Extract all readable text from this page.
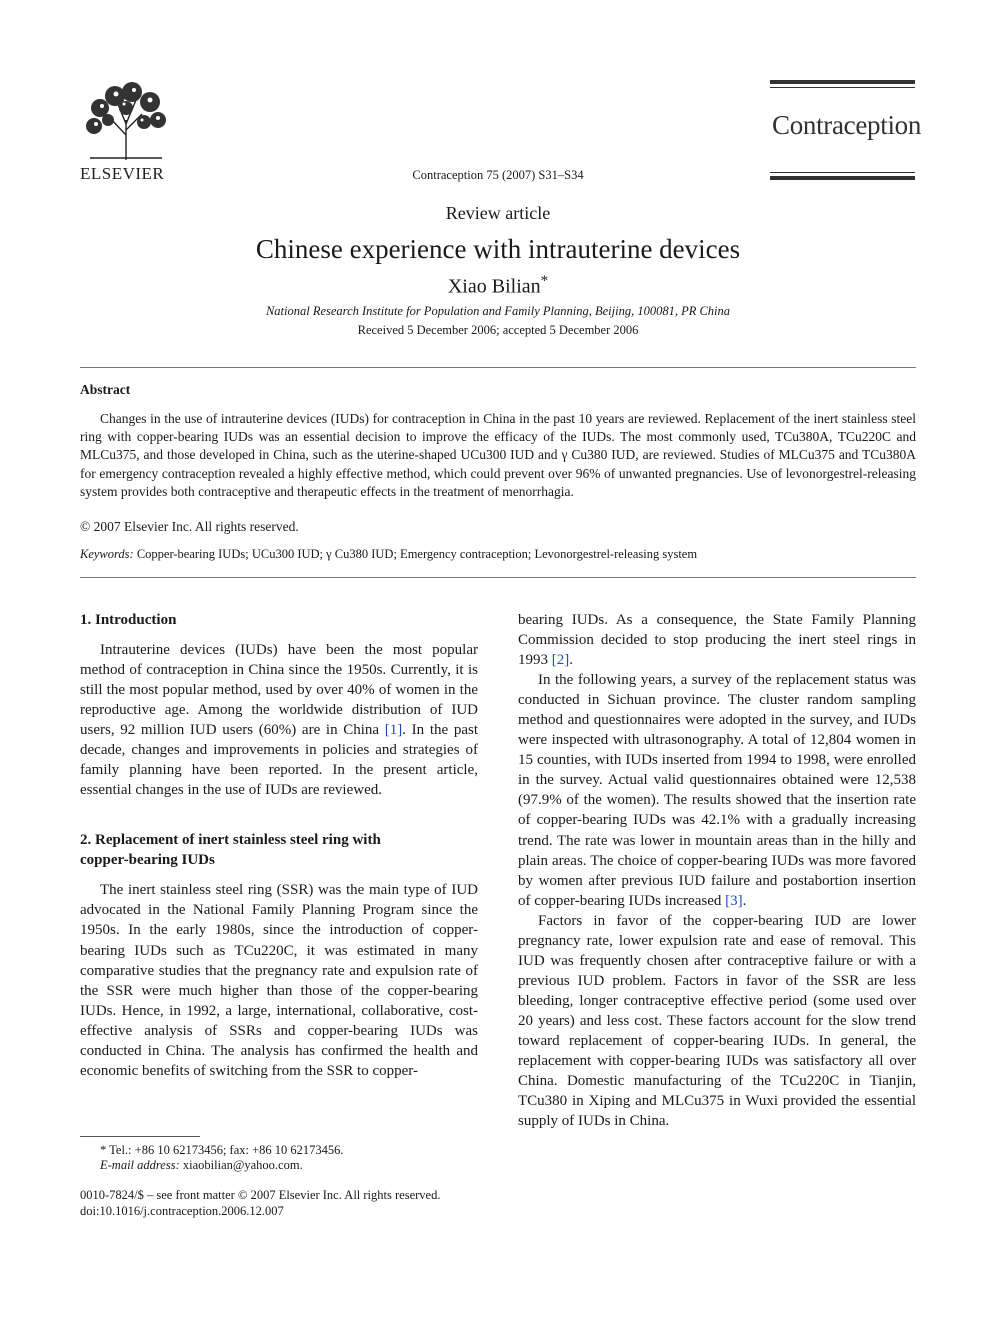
ELSEVIER
Contraception
Contraception 75 (2007) S31–S34
Review article
Chinese experience with intrauterine devices
Xiao Bilian*
National Research Institute for Population and Family Planning, Beijing, 100081, PR China
Received 5 December 2006; accepted 5 December 2006
Abstract

Changes in the use of intrauterine devices (IUDs) for contraception in China in the past 10 years are reviewed. Replacement of the inert stainless steel ring with copper-bearing IUDs was an essential decision to improve the efficacy of the IUDs. The most commonly used, TCu380A, TCu220C and MLCu375, and those developed in China, such as the uterine-shaped UCu300 IUD and γ Cu380 IUD, are reviewed. Studies of MLCu375 and TCu380A for emergency contraception revealed a highly effective method, which could prevent over 96% of unwanted pregnancies. Use of levonorgestrel-releasing system provides both contraceptive and therapeutic effects in the treatment of menorrhagia.

© 2007 Elsevier Inc. All rights reserved.
Keywords: Copper-bearing IUDs; UCu300 IUD; γ Cu380 IUD; Emergency contraception; Levonorgestrel-releasing system
1. Introduction

Intrauterine devices (IUDs) have been the most popular method of contraception in China since the 1950s. Currently, it is still the most popular method, used by over 40% of women in the reproductive age. Among the worldwide distribution of IUD users, 92 million IUD users (60%) are in China [1]. In the past decade, changes and improvements in policies and strategies of family planning have been reported. In the present article, essential changes in the use of IUDs are reviewed.

2. Replacement of inert stainless steel ring with
copper-bearing IUDs

The inert stainless steel ring (SSR) was the main type of IUD advocated in the National Family Planning Program since the 1950s. In the early 1980s, since the introduction of copper-bearing IUDs such as TCu220C, it was estimated in many comparative studies that the pregnancy rate and expulsion rate of the SSR were much higher than those of the copper-bearing IUDs. Hence, in 1992, a large, international, collaborative, cost-effective analysis of SSRs and copper-bearing IUDs was conducted in China. The analysis has confirmed the health and economic benefits of switching from the SSR to copper-

bearing IUDs. As a consequence, the State Family Planning Commission decided to stop producing the inert steel rings in 1993 [2].

In the following years, a survey of the replacement status was conducted in Sichuan province. The cluster random sampling method and questionnaires were adopted in the survey, and IUDs were inspected with ultrasonography. A total of 12,804 women in 15 counties, with IUDs inserted from 1994 to 1998, were enrolled in the survey. Actual valid questionnaires obtained were 12,538 (97.9% of the women). The results showed that the insertion rate of copper-bearing IUDs was 42.1% with a gradually increasing trend. The rate was lower in mountain areas than in the hilly and plain areas. The choice of copper-bearing IUDs was more favored by women after previous IUD failure and postabortion insertion of copper-bearing IUDs increased [3].

Factors in favor of the copper-bearing IUD are lower pregnancy rate, lower expulsion rate and ease of removal. This IUD was frequently chosen after contraceptive failure or with a previous IUD problem. Factors in favor of the SSR are less bleeding, longer contraceptive effective period (some used over 20 years) and less cost. These factors account for the slow trend toward replacement of copper-bearing IUDs. In general, the replacement with copper-bearing IUDs was satisfactory all over China. Domestic manufacturing of the TCu220C in Tianjin, TCu380 in Xiping and MLCu375 in Wuxi provided the essential supply of IUDs in China.

* Tel.: +86 10 62173456; fax: +86 10 62173456.
E-mail address: xiaobilian@yahoo.com.
0010-7824/$ – see front matter © 2007 Elsevier Inc. All rights reserved.
doi:10.1016/j.contraception.2006.12.007
